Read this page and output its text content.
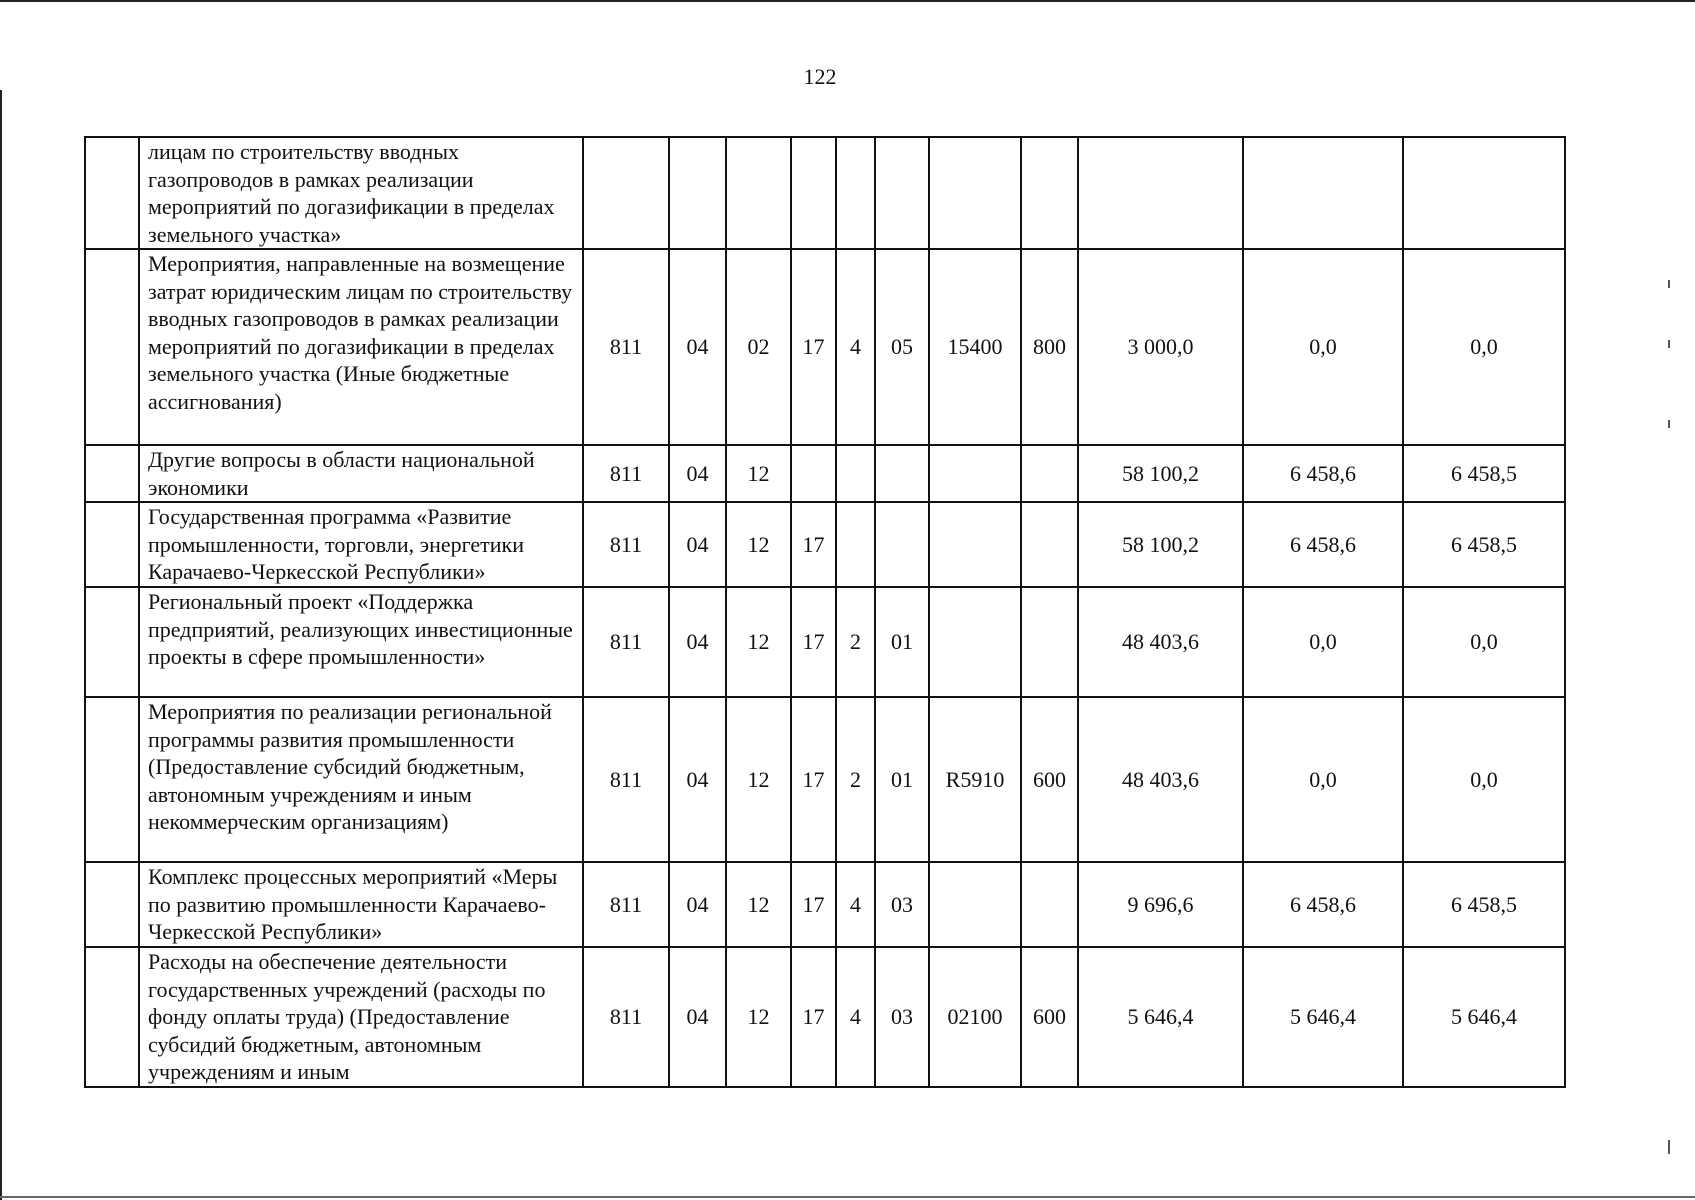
122
	лицам по строительству вводных газопроводов в рамках реализации мероприятий по догазификации в пределах земельного участка»											
	Мероприятия, направленные на возмещение затрат юридическим лицам по строительству вводных газопроводов в рамках реализации мероприятий по догазификации в пределах земельного участка (Иные бюджетные ассигнования)	811	04	02	17	4	05	15400	800	3 000,0	0,0	0,0
	Другие вопросы в области национальной экономики	811	04	12						58 100,2	6 458,6	6 458,5
	Государственная программа «Развитие промышленности, торговли, энергетики Карачаево-Черкесской Республики»	811	04	12	17					58 100,2	6 458,6	6 458,5
	Региональный проект «Поддержка предприятий, реализующих инвестиционные проекты в сфере промышленности»	811	04	12	17	2	01			48 403,6	0,0	0,0
	Мероприятия по реализации региональной программы развития промышленности (Предоставление субсидий бюджетным, автономным учреждениям и иным некоммерческим организациям)	811	04	12	17	2	01	R5910	600	48 403,6	0,0	0,0
	Комплекс процессных мероприятий «Меры по развитию промышленности Карачаево-Черкесской Республики»	811	04	12	17	4	03			9 696,6	6 458,6	6 458,5
	Расходы на обеспечение деятельности государственных учреждений (расходы по фонду оплаты труда) (Предоставление субсидий бюджетным, автономным учреждениям и иным	811	04	12	17	4	03	02100	600	5 646,4	5 646,4	5 646,4
